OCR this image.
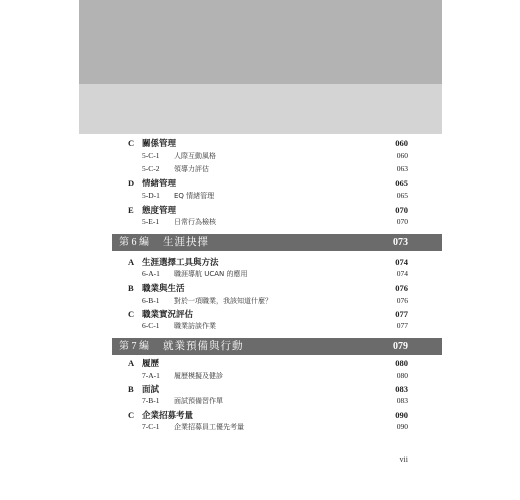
C 關係管理	060
5-C-1 人際互動風格	060
5-C-2 領導力評估	063
D 情緒管理	065
5-D-1 EQ 情緒管理	065
E 態度管理	070
5-E-1 日常行為檢核	070
第 6 編 生涯抉擇	073
A 生涯選擇工具與方法	074
6-A-1 職涯導航 UCAN 的應用	074
B 職業與生活	076
6-B-1 對於一項職業，我該知道什麼？	076
C 職業實況評估	077
6-C-1 職業訪談作業	077
第 7 編 就業預備與行動	079
A 履歷	080
7-A-1 履歷模擬及健診	080
B 面試	083
7-B-1 面試預備習作單	083
C 企業招募考量	090
7-C-1 企業招募員工優先考量	090
vii
